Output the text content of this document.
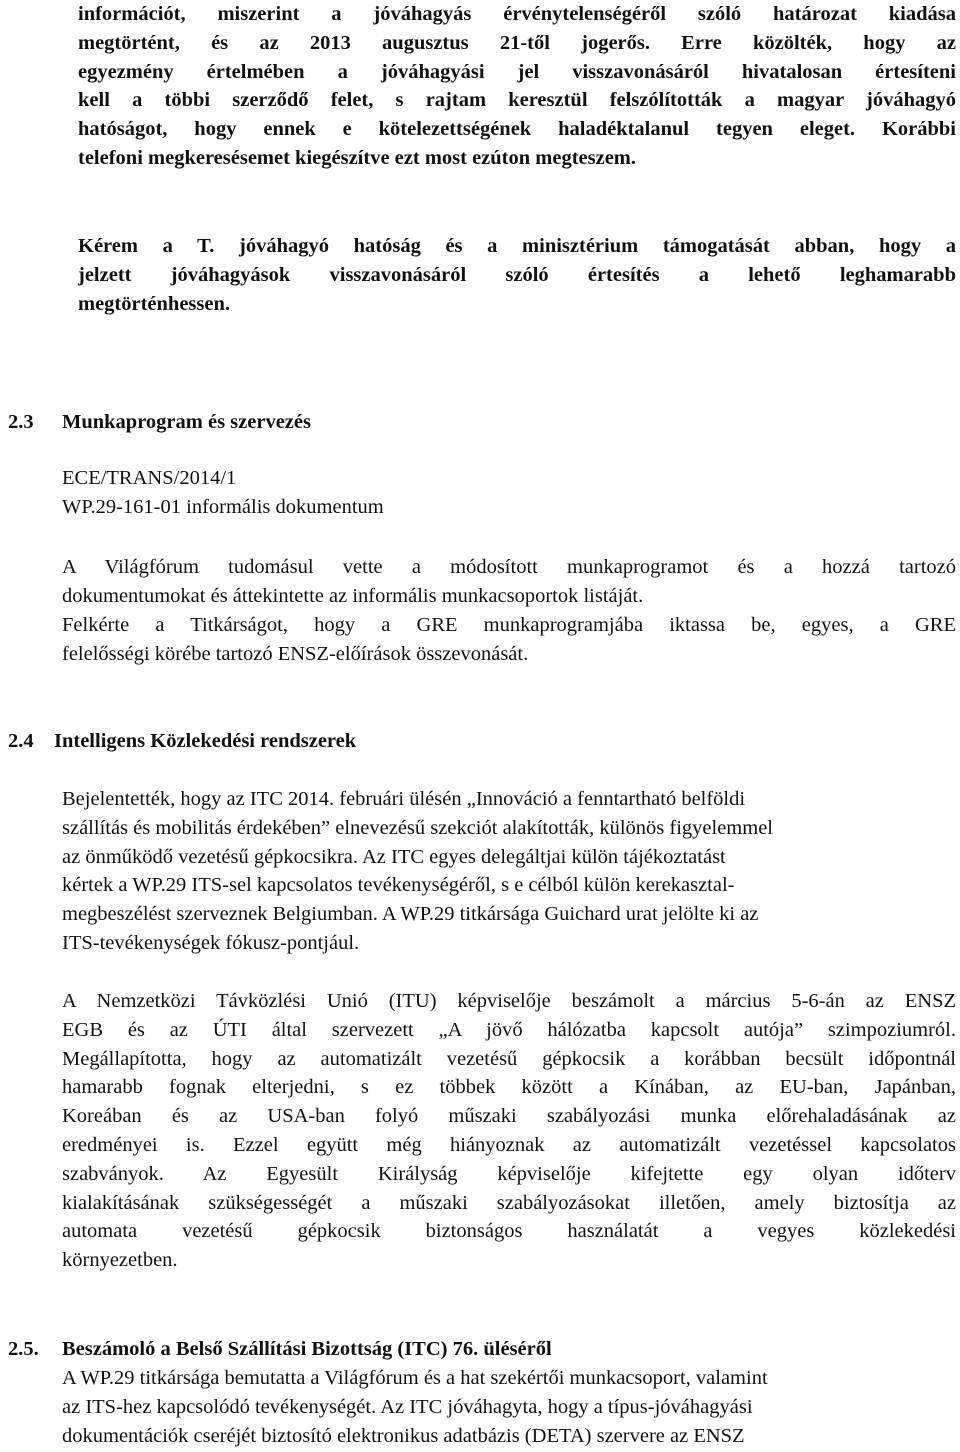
információt, miszerint a jóváhagyás érvénytelenségéről szóló határozat kiadása
megtörtént, és az 2013 augusztus 21-től jogerős. Erre közölték, hogy az
egyezmény értelmében a jóváhagyási jel visszavonásáról hivatalosan értesíteni
kell a többi szerződő felet, s rajtam keresztül felszólították a magyar jóváhagyó
hatóságot, hogy ennek e kötelezettségének haladéktalanul tegyen eleget. Korábbi
telefoni megkeresésemet kiegészítve ezt most ezúton megteszem.
Kérem a T. jóváhagyó hatóság és a minisztérium támogatását abban, hogy a
jelzett jóváhagyások visszavonásáról szóló értesítés a lehető leghamarabb
megtörténhessen.
2.3 Munkaprogram és szervezés
ECE/TRANS/2014/1
WP.29-161-01 informális dokumentum
A Világfórum tudomásul vette a módosított munkaprogramot és a hozzá tartozó
dokumentumokat és áttekintette az informális munkacsoportok listáját.
Felkérte a Titkárságot, hogy a GRE munkaprogramjába iktassa be, egyes, a GRE
felelősségi körébe tartozó ENSZ-előírások összevonását.
2.4 Intelligens Közlekedési rendszerek
Bejelentették, hogy az ITC 2014. februári ülésén „Innováció a fenntartható belföldi
szállítás és mobilitás érdekében” elnevezésű szekciót alakították, különös figyelemmel
az önműködő vezetésű gépkocsikra. Az ITC egyes delegáltjai külön tájékoztatást
kértek a WP.29 ITS-sel kapcsolatos tevékenységéről, s e célból külön kerekasztal-
megbeszélést szerveznek Belgiumban. A WP.29 titkársága Guichard urat jelölte ki az
ITS-tevékenységek fókusz-pontjául.
A Nemzetközi Távközlési Unió (ITU) képviselője beszámolt a március 5-6-án az ENSZ
EGB és az ÚTI által szervezett „A jövő hálózatba kapcsolt autója” szimpoziumról.
Megállapította, hogy az automatizált vezetésű gépkocsik a korábban becsült időpontnál
hamarabb fognak elterjedni, s ez többek között a Kínában, az EU-ban, Japánban,
Koreában és az USA-ban folyó műszaki szabályozási munka előrehaladásának az
eredményei is. Ezzel együtt még hiányoznak az automatizált vezetéssel kapcsolatos
szabványok. Az Egyesült Királyság képviselője kifejtette egy olyan időterv
kialakításának szükségességét a műszaki szabályozásokat illetően, amely biztosítja az
automata vezetésű gépkocsik biztonságos használatát a vegyes közlekedési
környezetben.
2.5. Beszámoló a Belső Szállítási Bizottság (ITC) 76. üléséről
A WP.29 titkársága bemutatta a Világfórum és a hat szekértői munkacsoport, valamint
az ITS-hez kapcsolódó tevékenységét. Az ITC jóváhagyta, hogy a típus-jóváhagyási
dokumentációk cseréjét biztosító elektronikus adatbázis (DETA) szervere az ENSZ
